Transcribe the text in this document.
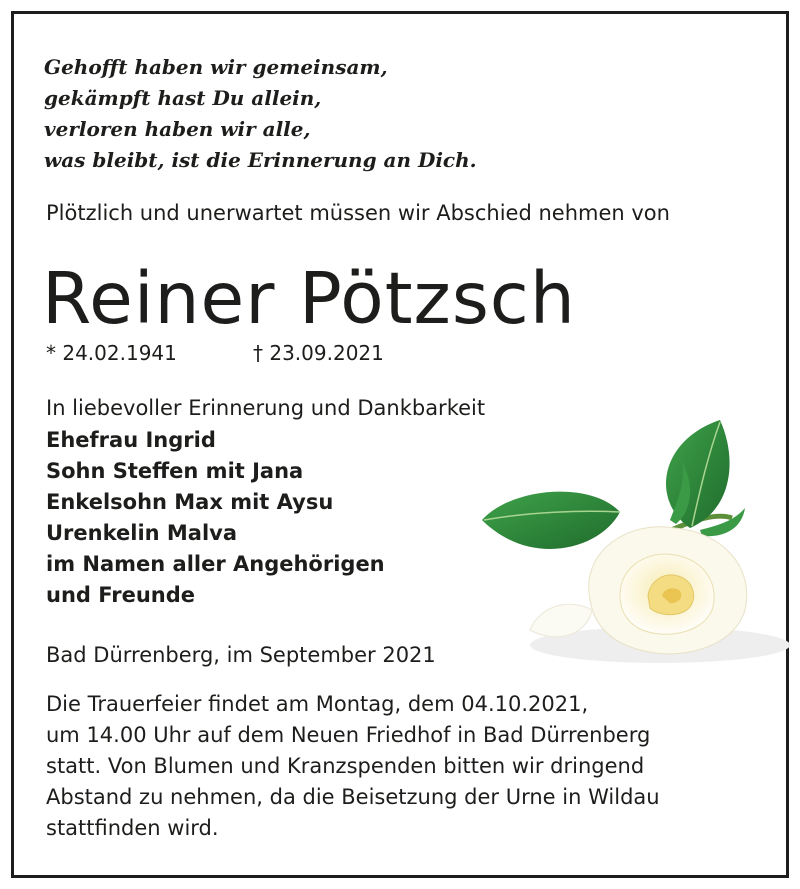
Gehofft haben wir gemeinsam,
gekämpft hast Du allein,
verloren haben wir alle,
was bleibt, ist die Erinnerung an Dich.
Plötzlich und unerwartet müssen wir Abschied nehmen von
Reiner Pötzsch
* 24.02.1941	† 23.09.2021
In liebevoller Erinnerung und Dankbarkeit
Ehefrau Ingrid
Sohn Steffen mit Jana
Enkelsohn Max mit Aysu
Urenkelin Malva
im Namen aller Angehörigen
und Freunde
Bad Dürrenberg, im September 2021
Die Trauerfeier findet am Montag, dem 04.10.2021,
um 14.00 Uhr auf dem Neuen Friedhof in Bad Dürrenberg
statt. Von Blumen und Kranzspenden bitten wir dringend
Abstand zu nehmen, da die Beisetzung der Urne in Wildau
stattfinden wird.
